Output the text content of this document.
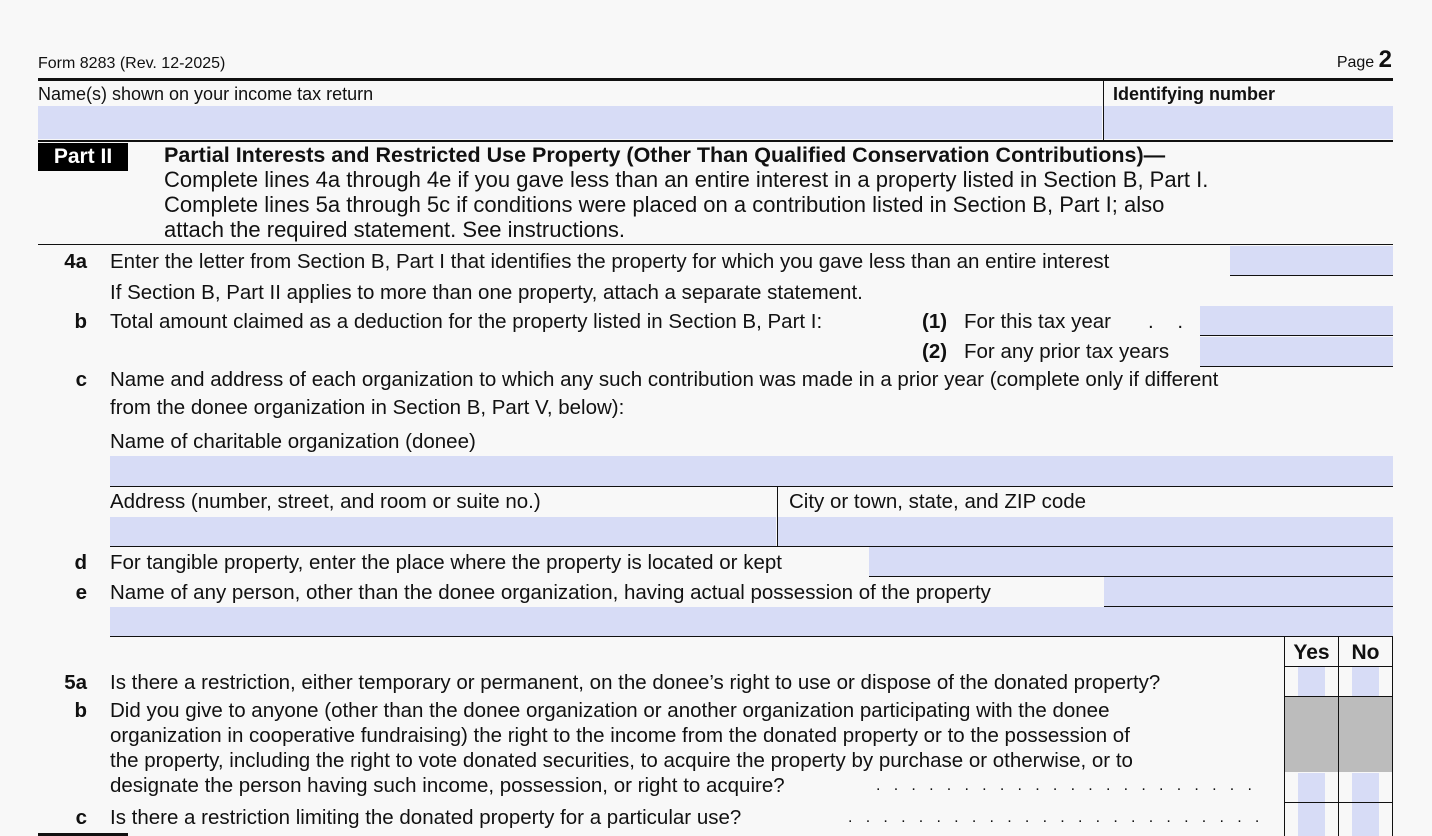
Form 8283 (Rev. 12-2025)	Page 2
Name(s) shown on your income tax return	Identifying number
Part II	Partial Interests and Restricted Use Property (Other Than Qualified Conservation Contributions)—
Complete lines 4a through 4e if you gave less than an entire interest in a property listed in Section B, Part I.
Complete lines 5a through 5c if conditions were placed on a contribution listed in Section B, Part I; also
attach the required statement. See instructions.
4a Enter the letter from Section B, Part I that identifies the property for which you gave less than an entire interest
If Section B, Part II applies to more than one property, attach a separate statement.
b Total amount claimed as a deduction for the property listed in Section B, Part I:	(1) For this tax year . .
(2) For any prior tax years
c Name and address of each organization to which any such contribution was made in a prior year (complete only if different
from the donee organization in Section B, Part V, below):
Name of charitable organization (donee)
Address (number, street, and room or suite no.)	City or town, state, and ZIP code
d For tangible property, enter the place where the property is located or kept
e Name of any person, other than the donee organization, having actual possession of the property
Yes	No
5a Is there a restriction, either temporary or permanent, on the donee’s right to use or dispose of the donated property?
b Did you give to anyone (other than the donee organization or another organization participating with the donee
organization in cooperative fundraising) the right to the income from the donated property or to the possession of
the property, including the right to vote donated securities, to acquire the property by purchase or otherwise, or to
designate the person having such income, possession, or right to acquire?	. . . . . . . . . . . . . . . . . . . . . .
c Is there a restriction limiting the donated property for a particular use?	. . . . . . . . . . . . . . . . . . . . . . . .
